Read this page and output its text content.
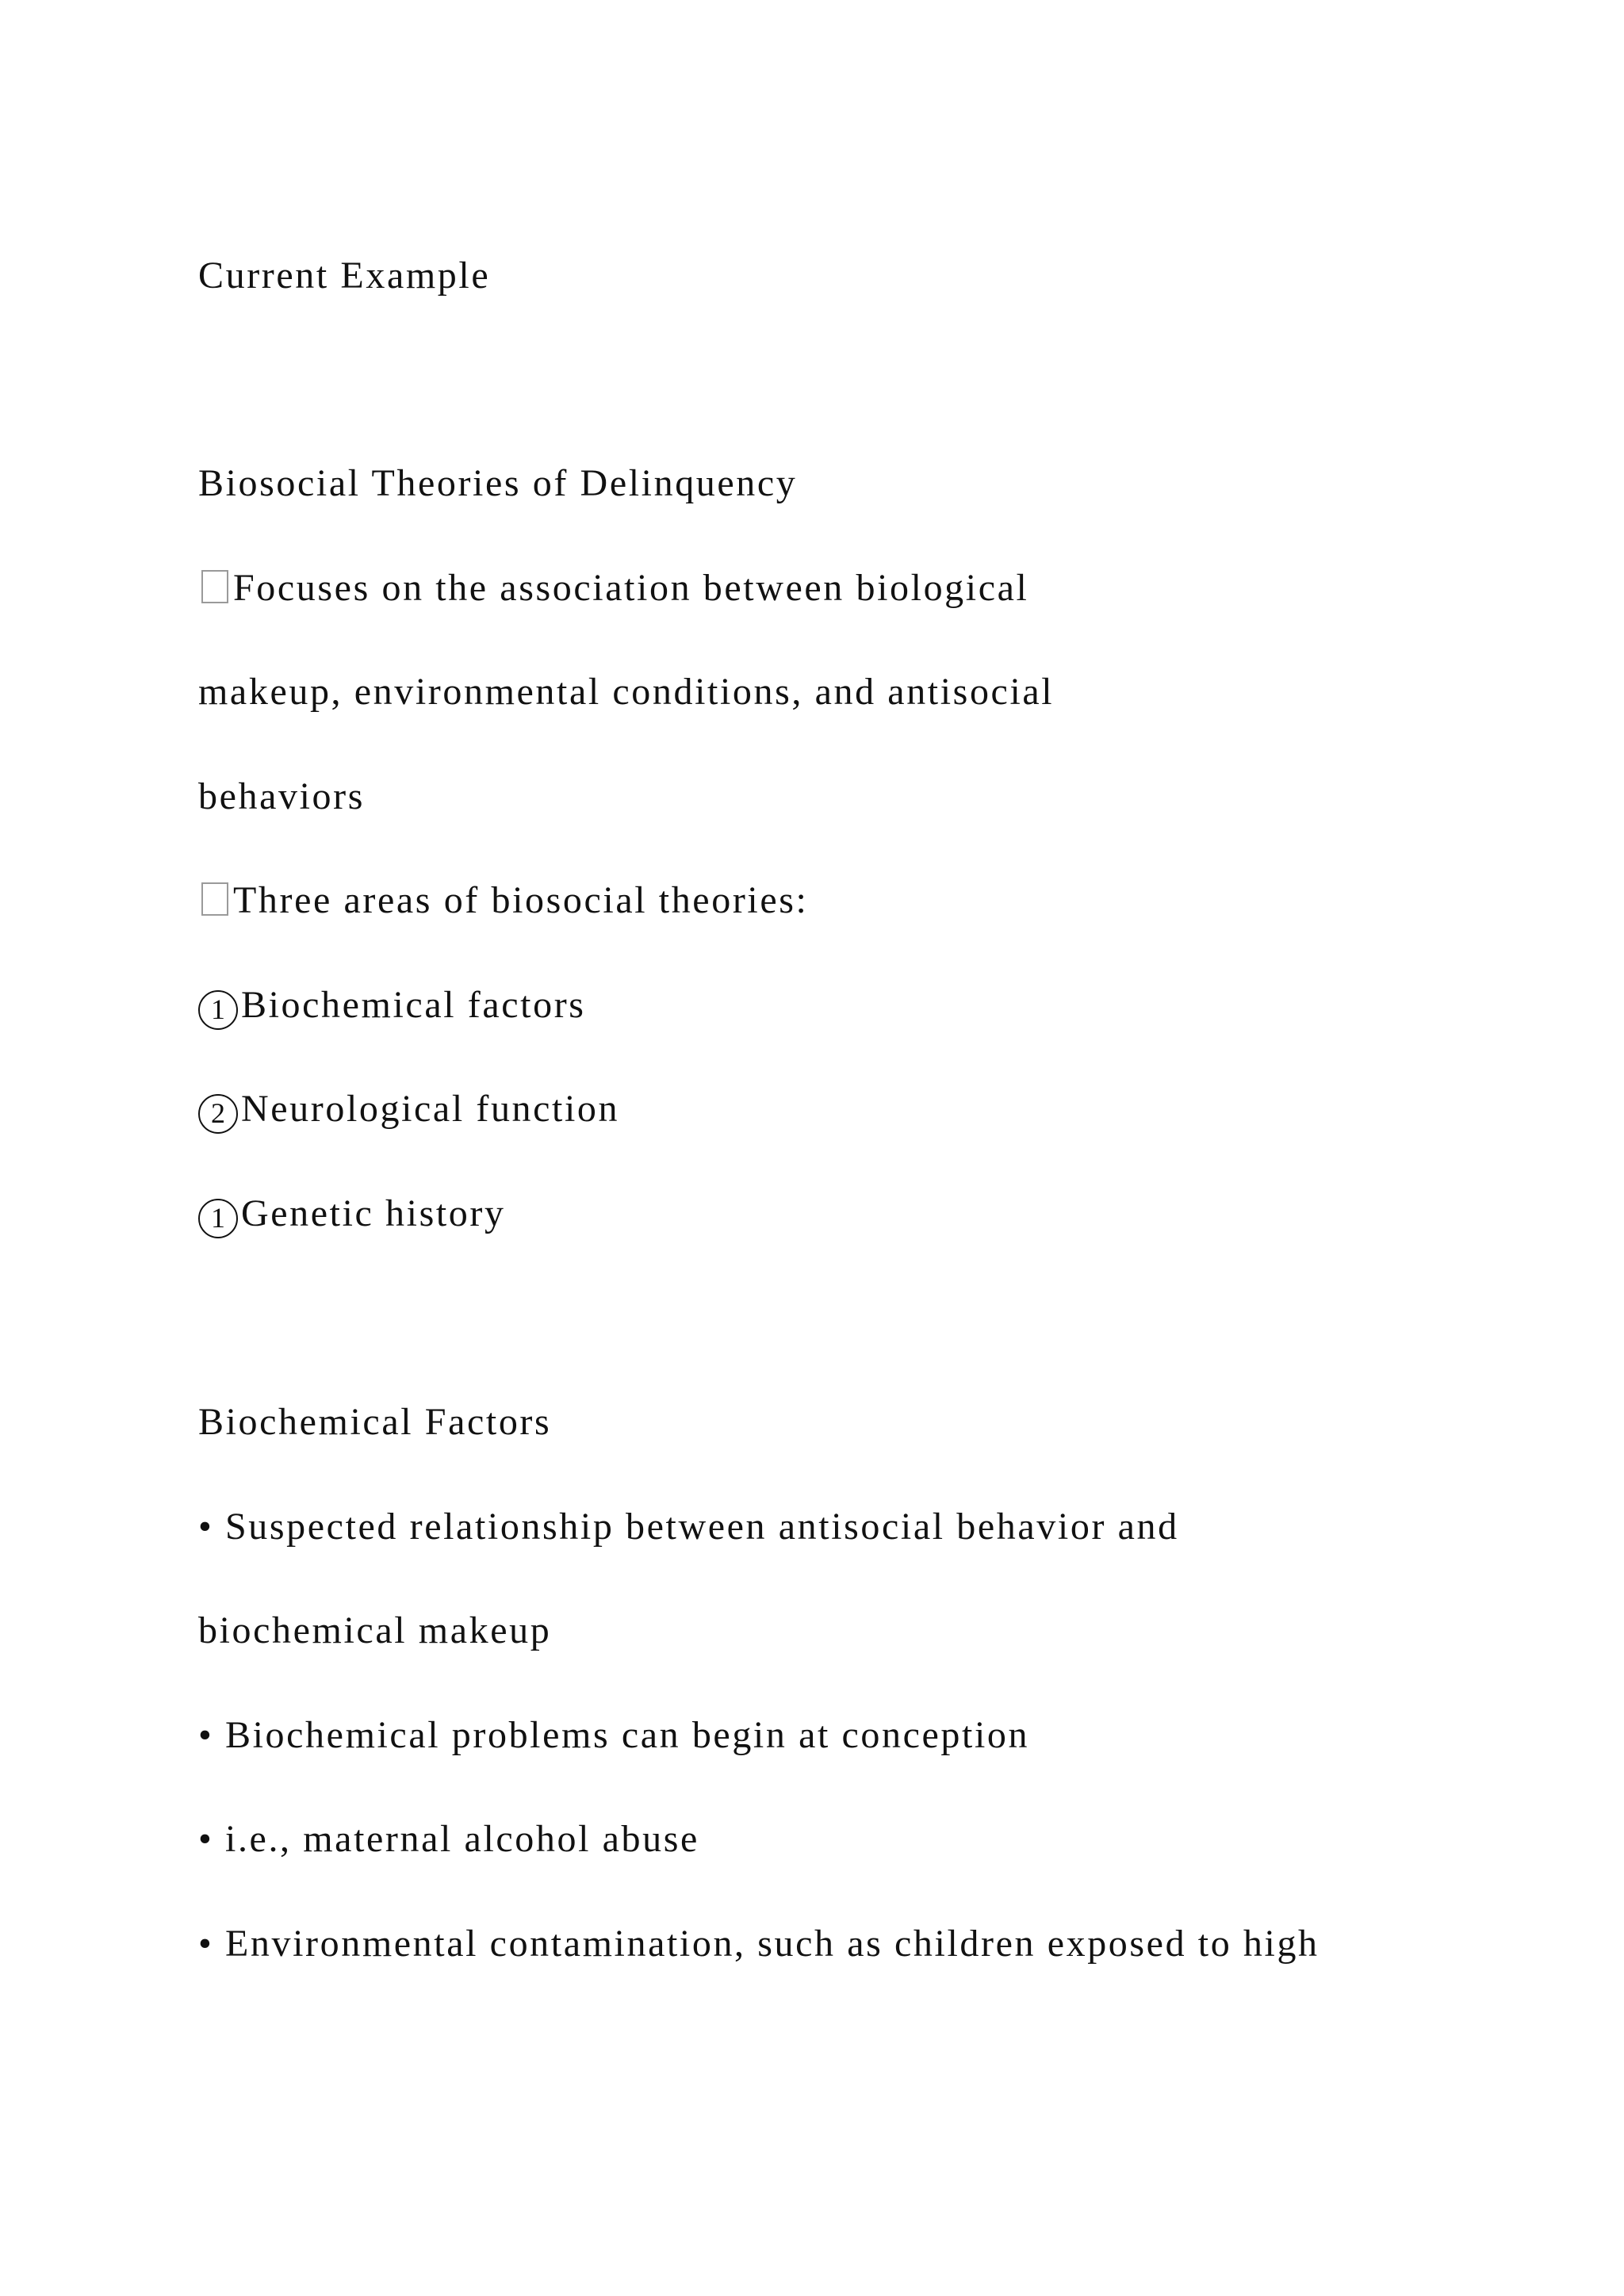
Current Example

Biosocial Theories of Delinquency

Focuses on the association between biological

makeup, environmental conditions, and antisocial

behaviors

Three areas of biosocial theories:

1 Biochemical factors

2 Neurological function

1 Genetic history

Biochemical Factors

• Suspected relationship between antisocial behavior and

biochemical makeup

• Biochemical problems can begin at conception

• i.e., maternal alcohol abuse

• Environmental contamination, such as children exposed to high
